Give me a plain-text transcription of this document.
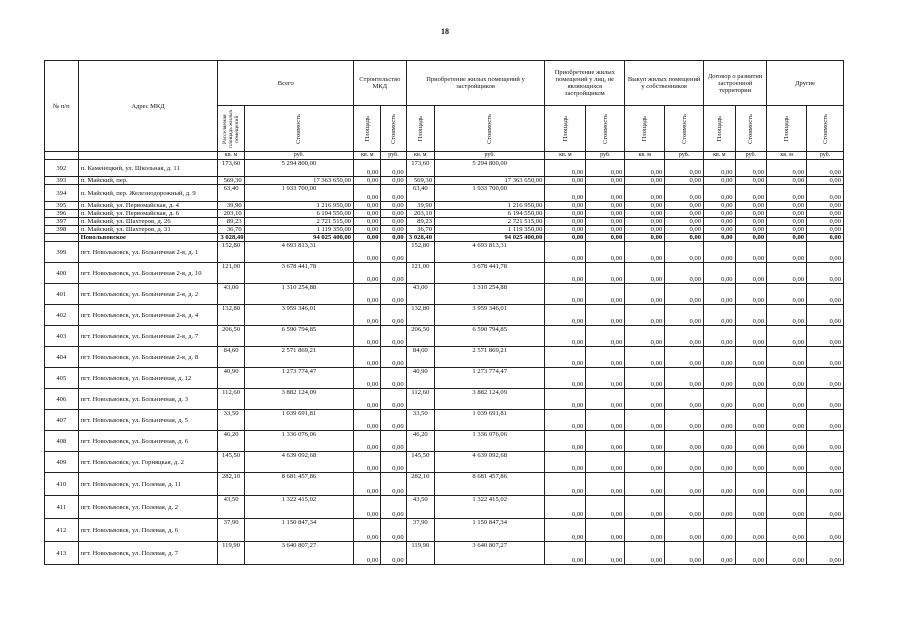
18
№ п/п	Адрес МКД	Всего		Строительство МКД		Приобретение жилых помещений у застройщиков		Приобретение жилых помещений у лиц, не являющихся застройщиком		Выкуп жилых помещений у собственников		Договор о развитии застроенной территории		Другие	

		Расселяемая площадь жилых помещений	Стоимость	Площадь	Стоимость	Площадь	Стоимость	Площадь	Стоимость	Площадь	Стоимость	Площадь	Стоимость	Площадь	Стоимость

		кв. м	руб.	кв. м	руб.	кв. м	руб.	кв. м	руб.	кв. м	руб.	кв. м	руб.	кв. м	руб.
392	п. Каменецкий, ул. Школьная, д. 11	173,60	5 294 800,00	0,00	0,00	173,60	5 294 800,00	0,00	0,00	0,00	0,00	0,00	0,00	0,00	0,00
393	п. Майский, пер.	569,30	17 363 650,00	0,00	0,00	569,30	17 363 650,00	0,00	0,00	0,00	0,00	0,00	0,00	0,00	0,00
394	п. Майский, пер. Железнодорожный, д. 9	63,40	1 933 700,00	0,00	0,00	63,40	1 933 700,00	0,00	0,00	0,00	0,00	0,00	0,00	0,00	0,00
395	п. Майский, ул. Первомайская, д. 4	39,90	1 216 950,00	0,00	0,00	39,90	1 216 950,00	0,00	0,00	0,00	0,00	0,00	0,00	0,00	0,00
396	п. Майский, ул. Первомайская, д. 6	203,10	6 194 550,00	0,00	0,00	203,10	6 194 550,00	0,00	0,00	0,00	0,00	0,00	0,00	0,00	0,00
397	п. Майский, ул. Шахтеров, д. 26	89,23	2 721 515,00	0,00	0,00	89,23	2 721 515,00	0,00	0,00	0,00	0,00	0,00	0,00	0,00	0,00
398	п. Майский, ул. Шахтеров, д. 31	36,70	1 119 350,00	0,00	0,00	36,70	1 119 350,00	0,00	0,00	0,00	0,00	0,00	0,00	0,00	0,00
	Новольвовское	3 028,40	94 025 400,00	0,00	0,00	3 028,40	94 025 400,00	0,00	0,00	0,00	0,00	0,00	0,00	0,00	0,00
399	пгт. Новольвовск, ул. Больничная 2-я, д. 1	152,80	4 693 813,31	0,00	0,00	152,80	4 693 813,31	0,00	0,00	0,00	0,00	0,00	0,00	0,00	0,00
400	пгт. Новольвовск, ул. Больничная 2-я, д. 10	121,00	3 678 441,78	0,00	0,00	121,00	3 678 441,78	0,00	0,00	0,00	0,00	0,00	0,00	0,00	0,00
401	пгт. Новольвовск, ул. Больничная 2-я, д. 2	43,00	1 310 254,88	0,00	0,00	43,00	1 310 254,88	0,00	0,00	0,00	0,00	0,00	0,00	0,00	0,00
402	пгт. Новольвовск, ул. Больничная 2-я, д. 4	132,80	3 959 346,01	0,00	0,00	132,80	3 959 346,01	0,00	0,00	0,00	0,00	0,00	0,00	0,00	0,00
403	пгт. Новольвовск, ул. Больничная 2-я, д. 7	206,50	6 590 794,85	0,00	0,00	206,50	6 590 794,85	0,00	0,00	0,00	0,00	0,00	0,00	0,00	0,00
404	пгт. Новольвовск, ул. Больничная 2-я, д. 8	84,60	2 571 869,21	0,00	0,00	84,60	2 571 869,21	0,00	0,00	0,00	0,00	0,00	0,00	0,00	0,00
405	пгт. Новольвовск, ул. Больничная, д. 12	40,90	1 273 774,47	0,00	0,00	40,90	1 273 774,47	0,00	0,00	0,00	0,00	0,00	0,00	0,00	0,00
406	пгт. Новольвовск, ул. Больничная, д. 3	112,60	3 882 124,09	0,00	0,00	112,60	3 882 124,09	0,00	0,00	0,00	0,00	0,00	0,00	0,00	0,00
407	пгт. Новольвовск, ул. Больничная, д. 5	33,50	1 039 691,81	0,00	0,00	33,50	1 039 691,81	0,00	0,00	0,00	0,00	0,00	0,00	0,00	0,00
408	пгт. Новольвовск, ул. Больничная, д. 6	46,20	1 336 076,06	0,00	0,00	46,20	1 336 076,06	0,00	0,00	0,00	0,00	0,00	0,00	0,00	0,00
409	пгт. Новольвовск, ул. Горняцкая, д. 2	145,50	4 639 092,68	0,00	0,00	145,50	4 639 092,68	0,00	0,00	0,00	0,00	0,00	0,00	0,00	0,00
410	пгт. Новольвовск, ул. Полевая, д. 11	282,10	8 681 457,86	0,00	0,00	282,10	8 681 457,86	0,00	0,00	0,00	0,00	0,00	0,00	0,00	0,00
411	пгт. Новольвовск, ул. Полевая, д. 2	43,50	1 322 415,02	0,00	0,00	43,50	1 322 415,02	0,00	0,00	0,00	0,00	0,00	0,00	0,00	0,00
412	пгт. Новольвовск, ул. Полевая, д. 6	37,90	1 150 847,34	0,00	0,00	37,90	1 150 847,34	0,00	0,00	0,00	0,00	0,00	0,00	0,00	0,00
413	пгт. Новольвовск, ул. Полевая, д. 7	119,90	3 640 807,27	0,00	0,00	119,90	3 640 807,27	0,00	0,00	0,00	0,00	0,00	0,00	0,00	0,00
